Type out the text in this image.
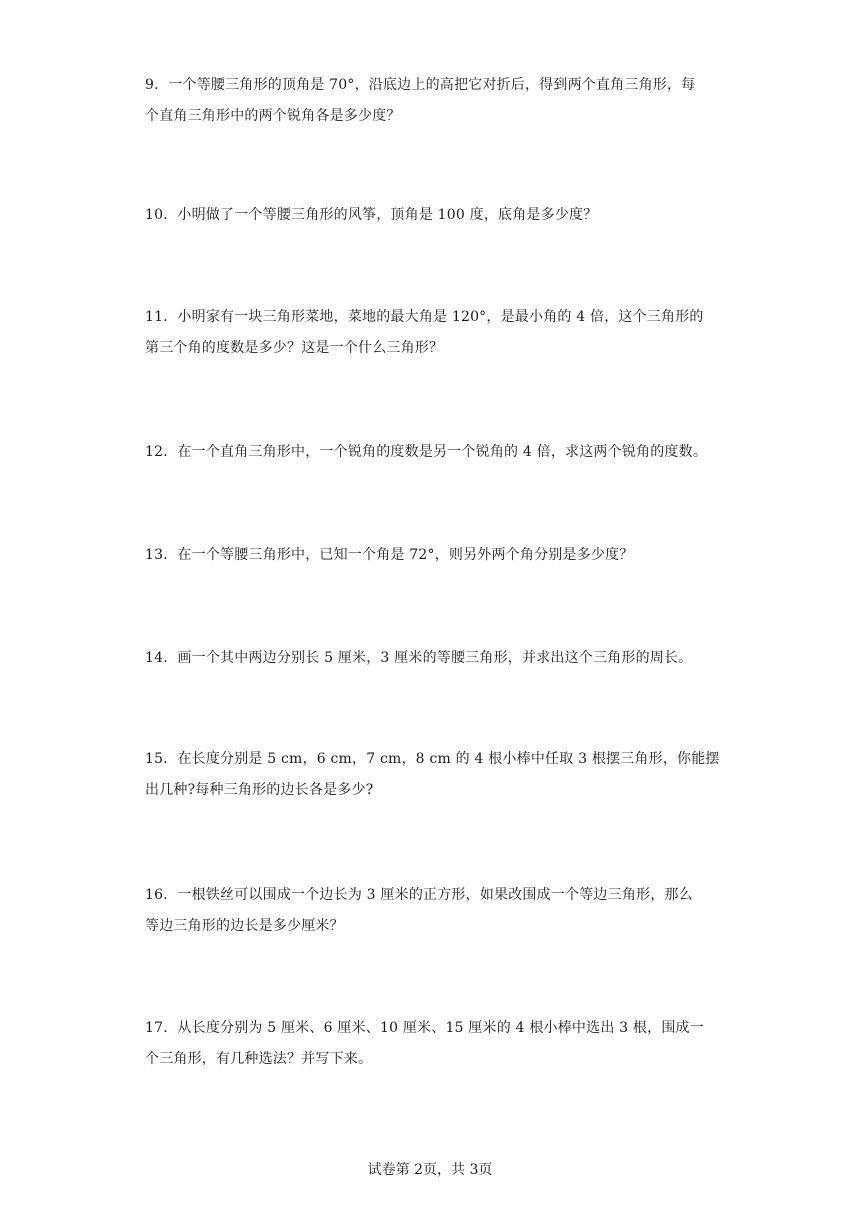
9．一个等腰三角形的顶角是 70°，沿底边上的高把它对折后，得到两个直角三角形，每

个直角三角形中的两个锐角各是多少度？

10．小明做了一个等腰三角形的风筝，顶角是 100 度，底角是多少度？

11．小明家有一块三角形菜地，菜地的最大角是 120°，是最小角的 4 倍，这个三角形的

第三个角的度数是多少？这是一个什么三角形？

12．在一个直角三角形中，一个锐角的度数是另一个锐角的 4 倍，求这两个锐角的度数。

13．在一个等腰三角形中，已知一个角是 72°，则另外两个角分别是多少度？

14．画一个其中两边分别长 5 厘米，3 厘米的等腰三角形，并求出这个三角形的周长。

15．在长度分别是 5 cm，6 cm，7 cm，8 cm 的 4 根小棒中任取 3 根摆三角形，你能摆

出几种?每种三角形的边长各是多少?

16．一根铁丝可以围成一个边长为 3 厘米的正方形，如果改围成一个等边三角形，那么

等边三角形的边长是多少厘米？

17．从长度分别为 5 厘米、6 厘米、10 厘米、15 厘米的 4 根小棒中选出 3 根，围成一

个三角形，有几种选法？并写下来。

试卷第 2页，共 3页
